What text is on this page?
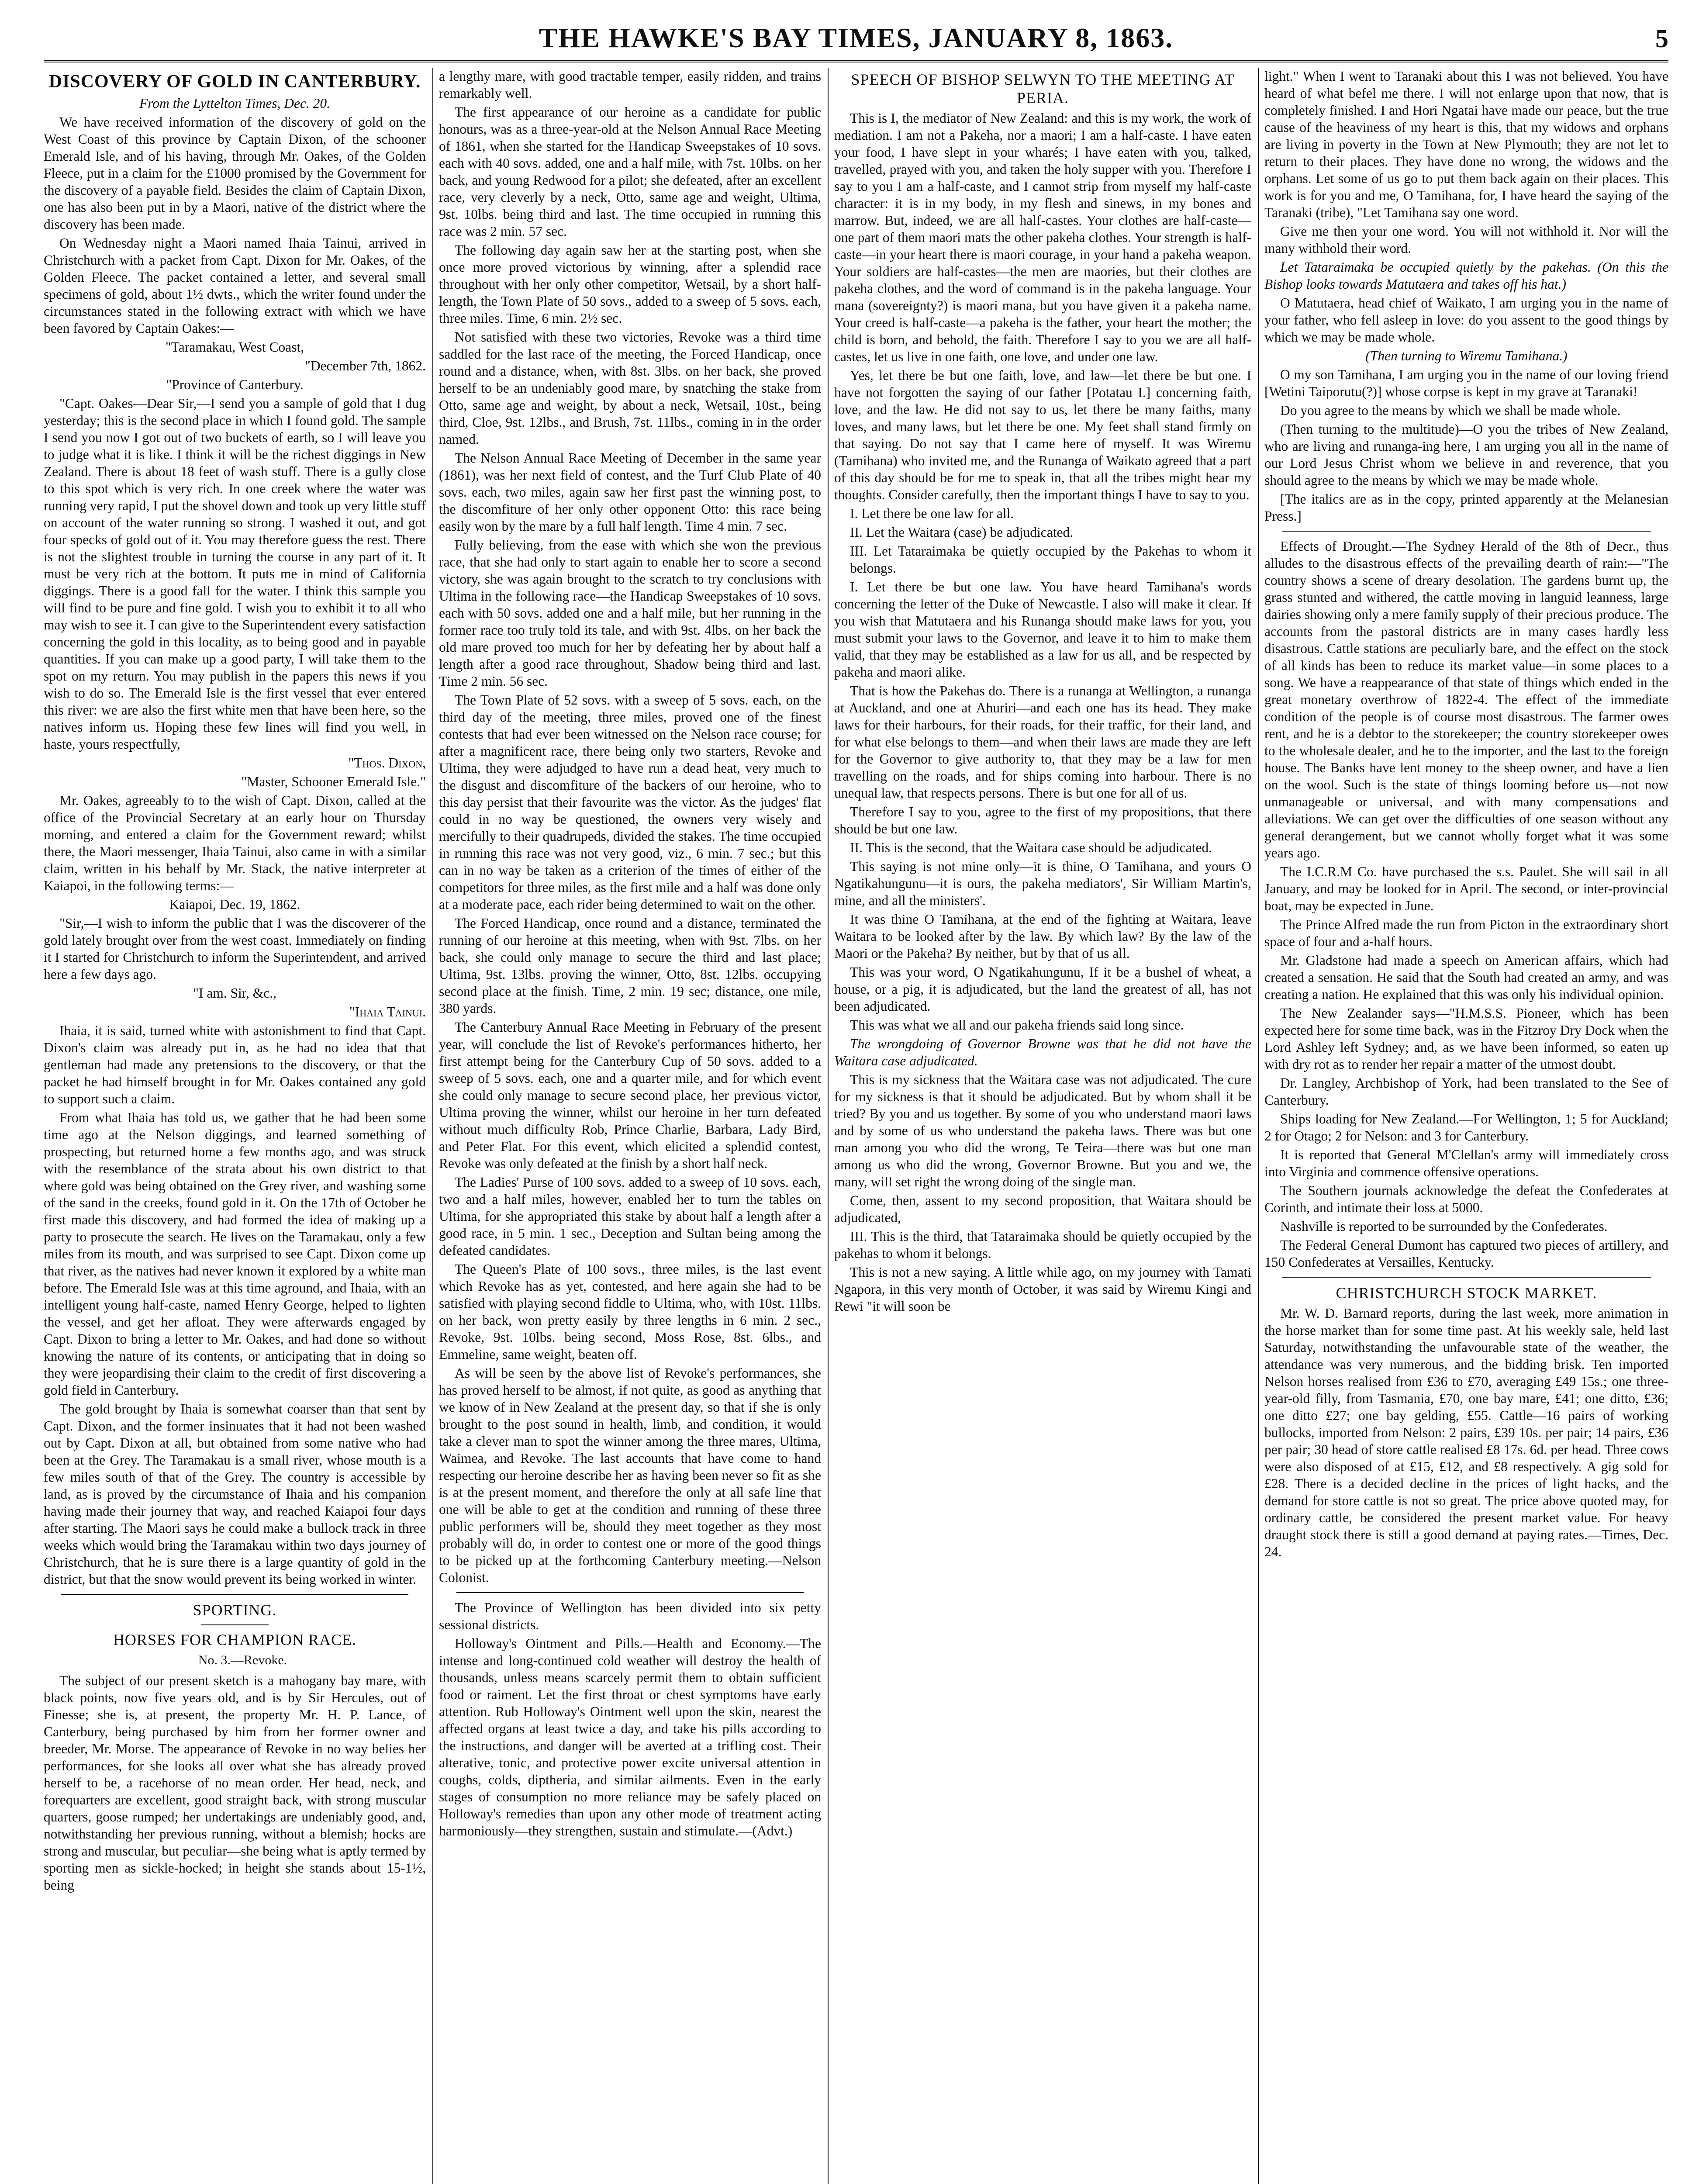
THE HAWKE'S BAY TIMES, JANUARY 8, 1863.	5
DISCOVERY OF GOLD IN CANTERBURY.

From the Lyttelton Times, Dec. 20.

We have received information of the discovery of gold on the West Coast of this province by Captain Dixon, of the schooner Emerald Isle, and of his having, through Mr. Oakes, of the Golden Fleece, put in a claim for the £1000 promised by the Government for the discovery of a payable field. Besides the claim of Captain Dixon, one has also been put in by a Maori, native of the district where the discovery has been made.

On Wednesday night a Maori named Ihaia Tainui, arrived in Christchurch with a packet from Capt. Dixon for Mr. Oakes, of the Golden Fleece. The packet contained a letter, and several small specimens of gold, about 1½ dwts., which the writer found under the circumstances stated in the following extract with which we have been favored by Captain Oakes:—

"Taramakau, West Coast,

"December 7th, 1862.

"Province of Canterbury.

"Capt. Oakes—Dear Sir,—I send you a sample of gold that I dug yesterday; this is the second place in which I found gold. The sample I send you now I got out of two buckets of earth, so I will leave you to judge what it is like. I think it will be the richest diggings in New Zealand. There is about 18 feet of wash stuff. There is a gully close to this spot which is very rich. In one creek where the water was running very rapid, I put the shovel down and took up very little stuff on account of the water running so strong. I washed it out, and got four specks of gold out of it. You may therefore guess the rest. There is not the slightest trouble in turning the course in any part of it. It must be very rich at the bottom. It puts me in mind of California diggings. There is a good fall for the water. I think this sample you will find to be pure and fine gold. I wish you to exhibit it to all who may wish to see it. I can give to the Superintendent every satisfaction concerning the gold in this locality, as to being good and in payable quantities. If you can make up a good party, I will take them to the spot on my return. You may publish in the papers this news if you wish to do so. The Emerald Isle is the first vessel that ever entered this river: we are also the first white men that have been here, so the natives inform us. Hoping these few lines will find you well, in haste, yours respectfully,

"Thos. Dixon,

"Master, Schooner Emerald Isle."

Mr. Oakes, agreeably to to the wish of Capt. Dixon, called at the office of the Provincial Secretary at an early hour on Thursday morning, and entered a claim for the Government reward; whilst there, the Maori messenger, Ihaia Tainui, also came in with a similar claim, written in his behalf by Mr. Stack, the native interpreter at Kaiapoi, in the following terms:—

Kaiapoi, Dec. 19, 1862.

"Sir,—I wish to inform the public that I was the discoverer of the gold lately brought over from the west coast. Immediately on finding it I started for Christchurch to inform the Superintendent, and arrived here a few days ago.

"I am. Sir, &c.,

"Ihaia Tainui.

Ihaia, it is said, turned white with astonishment to find that Capt. Dixon's claim was already put in, as he had no idea that that gentleman had made any pretensions to the discovery, or that the packet he had himself brought in for Mr. Oakes contained any gold to support such a claim.

From what Ihaia has told us, we gather that he had been some time ago at the Nelson diggings, and learned something of prospecting, but returned home a few months ago, and was struck with the resemblance of the strata about his own district to that where gold was being obtained on the Grey river, and washing some of the sand in the creeks, found gold in it. On the 17th of October he first made this discovery, and had formed the idea of making up a party to prosecute the search. He lives on the Taramakau, only a few miles from its mouth, and was surprised to see Capt. Dixon come up that river, as the natives had never known it explored by a white man before. The Emerald Isle was at this time aground, and Ihaia, with an intelligent young half-caste, named Henry George, helped to lighten the vessel, and get her afloat. They were afterwards engaged by Capt. Dixon to bring a letter to Mr. Oakes, and had done so without knowing the nature of its contents, or anticipating that in doing so they were jeopardising their claim to the credit of first discovering a gold field in Canterbury.

The gold brought by Ihaia is somewhat coarser than that sent by Capt. Dixon, and the former insinuates that it had not been washed out by Capt. Dixon at all, but obtained from some native who had been at the Grey. The Taramakau is a small river, whose mouth is a few miles south of that of the Grey. The country is accessible by land, as is proved by the circumstance of Ihaia and his companion having made their journey that way, and reached Kaiapoi four days after starting. The Maori says he could make a bullock track in three weeks which would bring the Taramakau within two days journey of Christchurch, that he is sure there is a large quantity of gold in the district, but that the snow would prevent its being worked in winter.

SPORTING.
HORSES FOR CHAMPION RACE.

No. 3.—Revoke.

The subject of our present sketch is a mahogany bay mare, with black points, now five years old, and is by Sir Hercules, out of Finesse; she is, at present, the property Mr. H. P. Lance, of Canterbury, being purchased by him from her former owner and breeder, Mr. Morse. The appearance of Revoke in no way belies her performances, for she looks all over what she has already proved herself to be, a racehorse of no mean order. Her head, neck, and forequarters are excellent, good straight back, with strong muscular quarters, goose rumped; her undertakings are undeniably good, and, notwithstanding her previous running, without a blemish; hocks are strong and muscular, but peculiar—she being what is aptly termed by sporting men as sickle-hocked; in height she stands about 15-1½, being

a lengthy mare, with good tractable temper, easily ridden, and trains remarkably well.

The first appearance of our heroine as a candidate for public honours, was as a three-year-old at the Nelson Annual Race Meeting of 1861, when she started for the Handicap Sweepstakes of 10 sovs. each with 40 sovs. added, one and a half mile, with 7st. 10lbs. on her back, and young Redwood for a pilot; she defeated, after an excellent race, very cleverly by a neck, Otto, same age and weight, Ultima, 9st. 10lbs. being third and last. The time occupied in running this race was 2 min. 57 sec.

The following day again saw her at the starting post, when she once more proved victorious by winning, after a splendid race throughout with her only other competitor, Wetsail, by a short half-length, the Town Plate of 50 sovs., added to a sweep of 5 sovs. each, three miles. Time, 6 min. 2½ sec.

Not satisfied with these two victories, Revoke was a third time saddled for the last race of the meeting, the Forced Handicap, once round and a distance, when, with 8st. 3lbs. on her back, she proved herself to be an undeniably good mare, by snatching the stake from Otto, same age and weight, by about a neck, Wetsail, 10st., being third, Cloe, 9st. 12lbs., and Brush, 7st. 11lbs., coming in in the order named.

The Nelson Annual Race Meeting of December in the same year (1861), was her next field of contest, and the Turf Club Plate of 40 sovs. each, two miles, again saw her first past the winning post, to the discomfiture of her only other opponent Otto: this race being easily won by the mare by a full half length. Time 4 min. 7 sec.

Fully believing, from the ease with which she won the previous race, that she had only to start again to enable her to score a second victory, she was again brought to the scratch to try conclusions with Ultima in the following race—the Handicap Sweepstakes of 10 sovs. each with 50 sovs. added one and a half mile, but her running in the former race too truly told its tale, and with 9st. 4lbs. on her back the old mare proved too much for her by defeating her by about half a length after a good race throughout, Shadow being third and last. Time 2 min. 56 sec.

The Town Plate of 52 sovs. with a sweep of 5 sovs. each, on the third day of the meeting, three miles, proved one of the finest contests that had ever been witnessed on the Nelson race course; for after a magnificent race, there being only two starters, Revoke and Ultima, they were adjudged to have run a dead heat, very much to the disgust and discomfiture of the backers of our heroine, who to this day persist that their favourite was the victor. As the judges' flat could in no way be questioned, the owners very wisely and mercifully to their quadrupeds, divided the stakes. The time occupied in running this race was not very good, viz., 6 min. 7 sec.; but this can in no way be taken as a criterion of the times of either of the competitors for three miles, as the first mile and a half was done only at a moderate pace, each rider being determined to wait on the other.

The Forced Handicap, once round and a distance, terminated the running of our heroine at this meeting, when with 9st. 7lbs. on her back, she could only manage to secure the third and last place; Ultima, 9st. 13lbs. proving the winner, Otto, 8st. 12lbs. occupying second place at the finish. Time, 2 min. 19 sec; distance, one mile, 380 yards.

The Canterbury Annual Race Meeting in February of the present year, will conclude the list of Revoke's performances hitherto, her first attempt being for the Canterbury Cup of 50 sovs. added to a sweep of 5 sovs. each, one and a quarter mile, and for which event she could only manage to secure second place, her previous victor, Ultima proving the winner, whilst our heroine in her turn defeated without much difficulty Rob, Prince Charlie, Barbara, Lady Bird, and Peter Flat. For this event, which elicited a splendid contest, Revoke was only defeated at the finish by a short half neck.

The Ladies' Purse of 100 sovs. added to a sweep of 10 sovs. each, two and a half miles, however, enabled her to turn the tables on Ultima, for she appropriated this stake by about half a length after a good race, in 5 min. 1 sec., Deception and Sultan being among the defeated candidates.

The Queen's Plate of 100 sovs., three miles, is the last event which Revoke has as yet, contested, and here again she had to be satisfied with playing second fiddle to Ultima, who, with 10st. 11lbs. on her back, won pretty easily by three lengths in 6 min. 2 sec., Revoke, 9st. 10lbs. being second, Moss Rose, 8st. 6lbs., and Emmeline, same weight, beaten off.

As will be seen by the above list of Revoke's performances, she has proved herself to be almost, if not quite, as good as anything that we know of in New Zealand at the present day, so that if she is only brought to the post sound in health, limb, and condition, it would take a clever man to spot the winner among the three mares, Ultima, Waimea, and Revoke. The last accounts that have come to hand respecting our heroine describe her as having been never so fit as she is at the present moment, and therefore the only at all safe line that one will be able to get at the condition and running of these three public performers will be, should they meet together as they most probably will do, in order to contest one or more of the good things to be picked up at the forthcoming Canterbury meeting.—Nelson Colonist.

The Province of Wellington has been divided into six petty sessional districts.

Holloway's Ointment and Pills.—Health and Economy.—The intense and long-continued cold weather will destroy the health of thousands, unless means scarcely permit them to obtain sufficient food or raiment. Let the first throat or chest symptoms have early attention. Rub Holloway's Ointment well upon the skin, nearest the affected organs at least twice a day, and take his pills according to the instructions, and danger will be averted at a trifling cost. Their alterative, tonic, and protective power excite universal attention in coughs, colds, diptheria, and similar ailments. Even in the early stages of consumption no more reliance may be safely placed on Holloway's remedies than upon any other mode of treatment acting harmoniously—they strengthen, sustain and stimulate.—(Advt.)

SPEECH OF BISHOP SELWYN TO THE MEETING AT PERIA.

This is I, the mediator of New Zealand: and this is my work, the work of mediation. I am not a Pakeha, nor a maori; I am a half-caste. I have eaten your food, I have slept in your wharés; I have eaten with you, talked, travelled, prayed with you, and taken the holy supper with you. Therefore I say to you I am a half-caste, and I cannot strip from myself my half-caste character: it is in my body, in my flesh and sinews, in my bones and marrow. But, indeed, we are all half-castes. Your clothes are half-caste—one part of them maori mats the other pakeha clothes. Your strength is half-caste—in your heart there is maori courage, in your hand a pakeha weapon. Your soldiers are half-castes—the men are maories, but their clothes are pakeha clothes, and the word of command is in the pakeha language. Your mana (sovereignty?) is maori mana, but you have given it a pakeha name. Your creed is half-caste—a pakeha is the father, your heart the mother; the child is born, and behold, the faith. Therefore I say to you we are all half-castes, let us live in one faith, one love, and under one law.

Yes, let there be but one faith, love, and law—let there be but one. I have not forgotten the saying of our father [Potatau I.] concerning faith, love, and the law. He did not say to us, let there be many faiths, many loves, and many laws, but let there be one. My feet shall stand firmly on that saying. Do not say that I came here of myself. It was Wiremu (Tamihana) who invited me, and the Runanga of Waikato agreed that a part of this day should be for me to speak in, that all the tribes might hear my thoughts. Consider carefully, then the important things I have to say to you.

I. Let there be one law for all.

II. Let the Waitara (case) be adjudicated.

III. Let Tataraimaka be quietly occupied by the Pakehas to whom it belongs.

I. Let there be but one law. You have heard Tamihana's words concerning the letter of the Duke of Newcastle. I also will make it clear. If you wish that Matutaera and his Runanga should make laws for you, you must submit your laws to the Governor, and leave it to him to make them valid, that they may be established as a law for us all, and be respected by pakeha and maori alike.

That is how the Pakehas do. There is a runanga at Wellington, a runanga at Auckland, and one at Ahuriri—and each one has its head. They make laws for their harbours, for their roads, for their traffic, for their land, and for what else belongs to them—and when their laws are made they are left for the Governor to give authority to, that they may be a law for men travelling on the roads, and for ships coming into harbour. There is no unequal law, that respects persons. There is but one for all of us.

Therefore I say to you, agree to the first of my propositions, that there should be but one law.

II. This is the second, that the Waitara case should be adjudicated.

This saying is not mine only—it is thine, O Tamihana, and yours O Ngatikahungunu—it is ours, the pakeha mediators', Sir William Martin's, mine, and all the ministers'.

It was thine O Tamihana, at the end of the fighting at Waitara, leave Waitara to be looked after by the law. By which law? By the law of the Maori or the Pakeha? By neither, but by that of us all.

This was your word, O Ngatikahungunu, If it be a bushel of wheat, a house, or a pig, it is adjudicated, but the land the greatest of all, has not been adjudicated.

This was what we all and our pakeha friends said long since.

The wrongdoing of Governor Browne was that he did not have the Waitara case adjudicated.

This is my sickness that the Waitara case was not adjudicated. The cure for my sickness is that it should be adjudicated. But by whom shall it be tried? By you and us together. By some of you who understand maori laws and by some of us who understand the pakeha laws. There was but one man among you who did the wrong, Te Teira—there was but one man among us who did the wrong, Governor Browne. But you and we, the many, will set right the wrong doing of the single man.

Come, then, assent to my second proposition, that Waitara should be adjudicated,

III. This is the third, that Tataraimaka should be quietly occupied by the pakehas to whom it belongs.

This is not a new saying. A little while ago, on my journey with Tamati Ngapora, in this very month of October, it was said by Wiremu Kingi and Rewi "it will soon be

light." When I went to Taranaki about this I was not believed. You have heard of what befel me there. I will not enlarge upon that now, that is completely finished. I and Hori Ngatai have made our peace, but the true cause of the heaviness of my heart is this, that my widows and orphans are living in poverty in the Town at New Plymouth; they are not let to return to their places. They have done no wrong, the widows and the orphans. Let some of us go to put them back again on their places. This work is for you and me, O Tamihana, for, I have heard the saying of the Taranaki (tribe), "Let Tamihana say one word.

Give me then your one word. You will not withhold it. Nor will the many withhold their word.

Let Tataraimaka be occupied quietly by the pakehas. (On this the Bishop looks towards Matutaera and takes off his hat.)

O Matutaera, head chief of Waikato, I am urging you in the name of your father, who fell asleep in love: do you assent to the good things by which we may be made whole.

(Then turning to Wiremu Tamihana.)

O my son Tamihana, I am urging you in the name of our loving friend [Wetini Taiporutu(?)] whose corpse is kept in my grave at Taranaki!

Do you agree to the means by which we shall be made whole.

(Then turning to the multitude)—O you the tribes of New Zealand, who are living and runanga-ing here, I am urging you all in the name of our Lord Jesus Christ whom we believe in and reverence, that you should agree to the means by which we may be made whole.

[The italics are as in the copy, printed apparently at the Melanesian Press.]

Effects of Drought.—The Sydney Herald of the 8th of Decr., thus alludes to the disastrous effects of the prevailing dearth of rain:—"The country shows a scene of dreary desolation. The gardens burnt up, the grass stunted and withered, the cattle moving in languid leanness, large dairies showing only a mere family supply of their precious produce. The accounts from the pastoral districts are in many cases hardly less disastrous. Cattle stations are peculiarly bare, and the effect on the stock of all kinds has been to reduce its market value—in some places to a song. We have a reappearance of that state of things which ended in the great monetary overthrow of 1822-4. The effect of the immediate condition of the people is of course most disastrous. The farmer owes rent, and he is a debtor to the storekeeper; the country storekeeper owes to the wholesale dealer, and he to the importer, and the last to the foreign house. The Banks have lent money to the sheep owner, and have a lien on the wool. Such is the state of things looming before us—not now unmanageable or universal, and with many compensations and alleviations. We can get over the difficulties of one season without any general derangement, but we cannot wholly forget what it was some years ago.

The I.C.R.M Co. have purchased the s.s. Paulet. She will sail in all January, and may be looked for in April. The second, or inter-provincial boat, may be expected in June.

The Prince Alfred made the run from Picton in the extraordinary short space of four and a-half hours.

Mr. Gladstone had made a speech on American affairs, which had created a sensation. He said that the South had created an army, and was creating a nation. He explained that this was only his individual opinion.

The New Zealander says—"H.M.S.S. Pioneer, which has been expected here for some time back, was in the Fitzroy Dry Dock when the Lord Ashley left Sydney; and, as we have been informed, so eaten up with dry rot as to render her repair a matter of the utmost doubt.

Dr. Langley, Archbishop of York, had been translated to the See of Canterbury.

Ships loading for New Zealand.—For Wellington, 1; 5 for Auckland; 2 for Otago; 2 for Nelson: and 3 for Canterbury.

It is reported that General M'Clellan's army will immediately cross into Virginia and commence offensive operations.

The Southern journals acknowledge the defeat the Confederates at Corinth, and intimate their loss at 5000.

Nashville is reported to be surrounded by the Confederates.

The Federal General Dumont has captured two pieces of artillery, and 150 Confederates at Versailles, Kentucky.

CHRISTCHURCH STOCK MARKET.

Mr. W. D. Barnard reports, during the last week, more animation in the horse market than for some time past. At his weekly sale, held last Saturday, notwithstanding the unfavourable state of the weather, the attendance was very numerous, and the bidding brisk. Ten imported Nelson horses realised from £36 to £70, averaging £49 15s.; one three-year-old filly, from Tasmania, £70, one bay mare, £41; one ditto, £36; one ditto £27; one bay gelding, £55. Cattle—16 pairs of working bullocks, imported from Nelson: 2 pairs, £39 10s. per pair; 14 pairs, £36 per pair; 30 head of store cattle realised £8 17s. 6d. per head. Three cows were also disposed of at £15, £12, and £8 respectively. A gig sold for £28. There is a decided decline in the prices of light hacks, and the demand for store cattle is not so great. The price above quoted may, for ordinary cattle, be considered the present market value. For heavy draught stock there is still a good demand at paying rates.—Times, Dec. 24.
